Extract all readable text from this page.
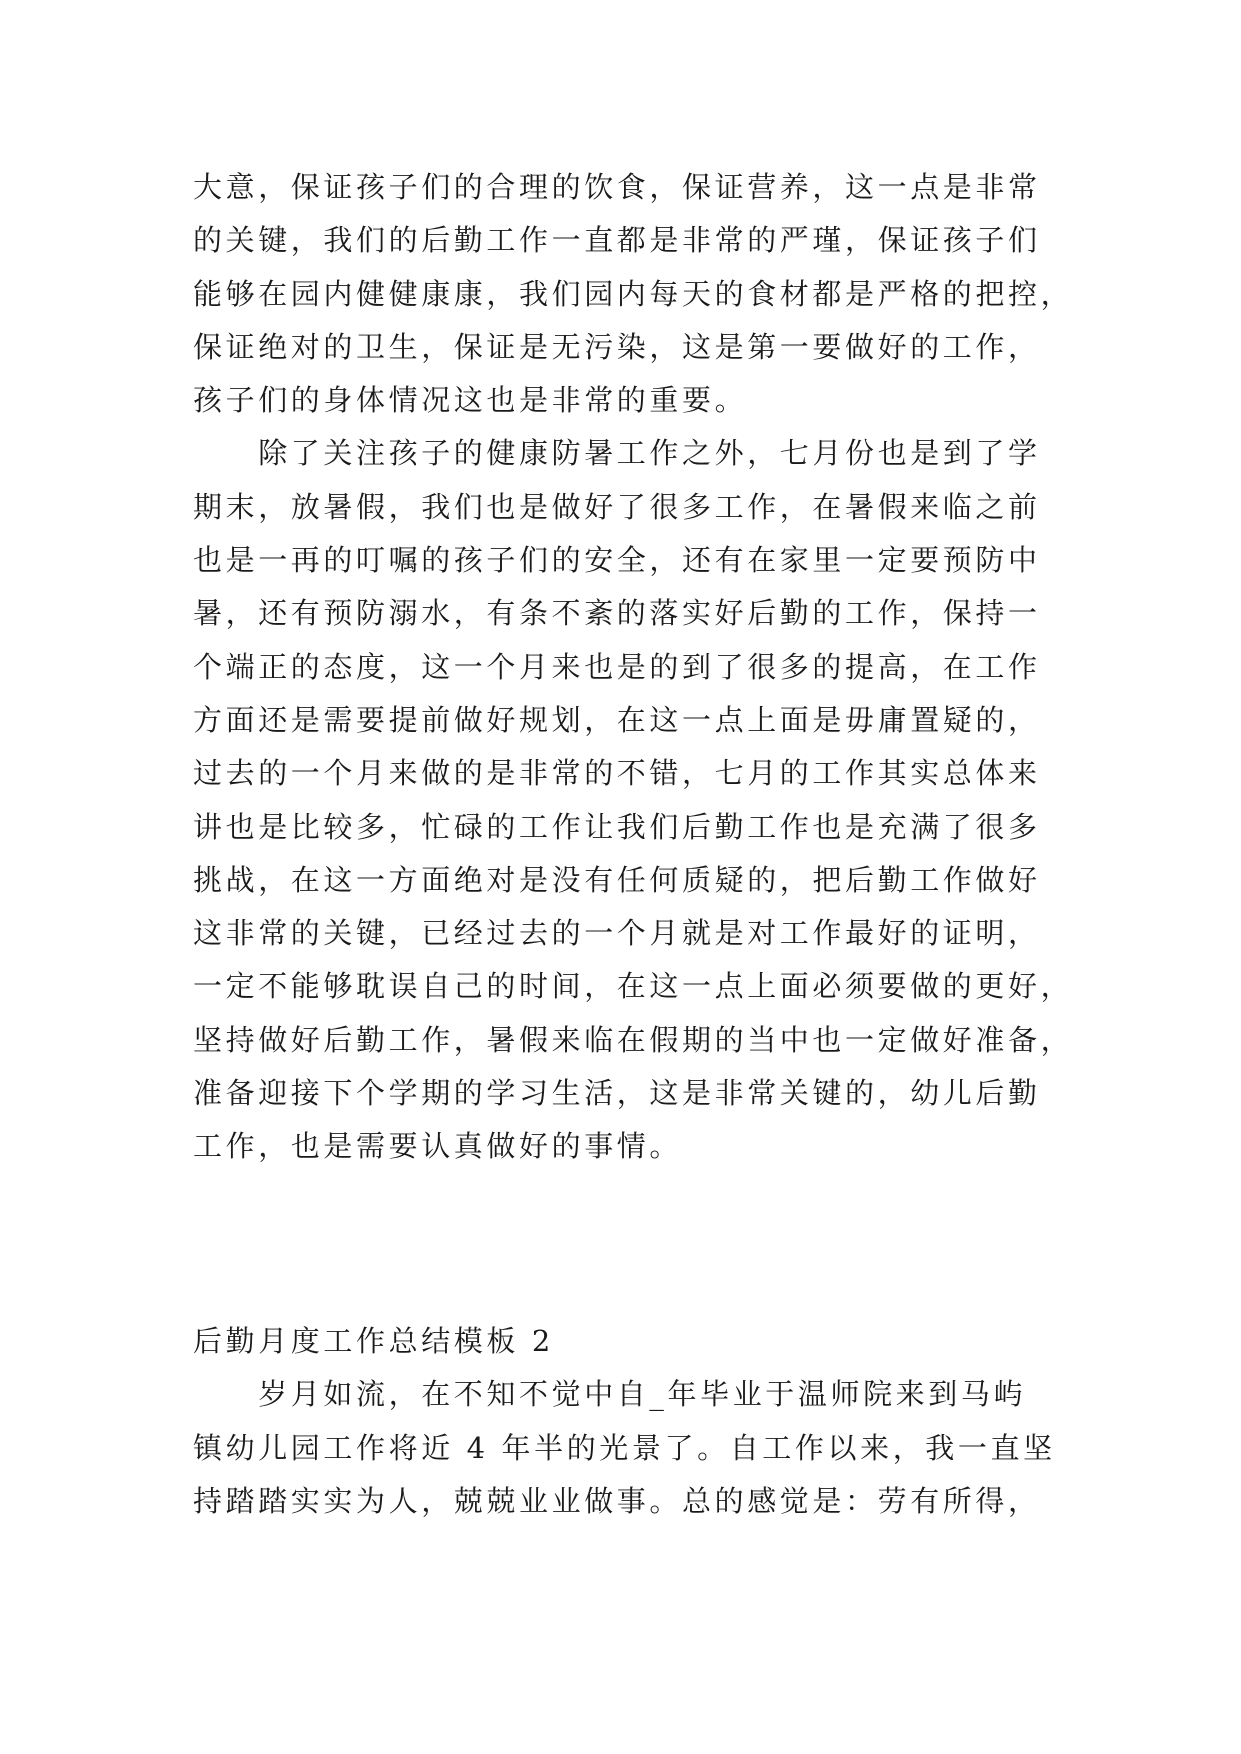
大意，保证孩子们的合理的饮食，保证营养，这一点是非常
的关键，我们的后勤工作一直都是非常的严瑾，保证孩子们
能够在园内健健康康，我们园内每天的食材都是严格的把控，
保证绝对的卫生，保证是无污染，这是第一要做好的工作，
孩子们的身体情况这也是非常的重要。
　　除了关注孩子的健康防暑工作之外，七月份也是到了学
期末，放暑假，我们也是做好了很多工作，在暑假来临之前
也是一再的叮嘱的孩子们的安全，还有在家里一定要预防中
暑，还有预防溺水，有条不紊的落实好后勤的工作，保持一
个端正的态度，这一个月来也是的到了很多的提高，在工作
方面还是需要提前做好规划，在这一点上面是毋庸置疑的，
过去的一个月来做的是非常的不错，七月的工作其实总体来
讲也是比较多，忙碌的工作让我们后勤工作也是充满了很多
挑战，在这一方面绝对是没有任何质疑的，把后勤工作做好
这非常的关键，已经过去的一个月就是对工作最好的证明，
一定不能够耽误自己的时间，在这一点上面必须要做的更好，
坚持做好后勤工作，暑假来临在假期的当中也一定做好准备，
准备迎接下个学期的学习生活，这是非常关键的，幼儿后勤
工作，也是需要认真做好的事情。
后勤月度工作总结模板 2
　　岁月如流，在不知不觉中自_年毕业于温师院来到马屿
镇幼儿园工作将近 4 年半的光景了。自工作以来，我一直坚
持踏踏实实为人，兢兢业业做事。总的感觉是：劳有所得，
